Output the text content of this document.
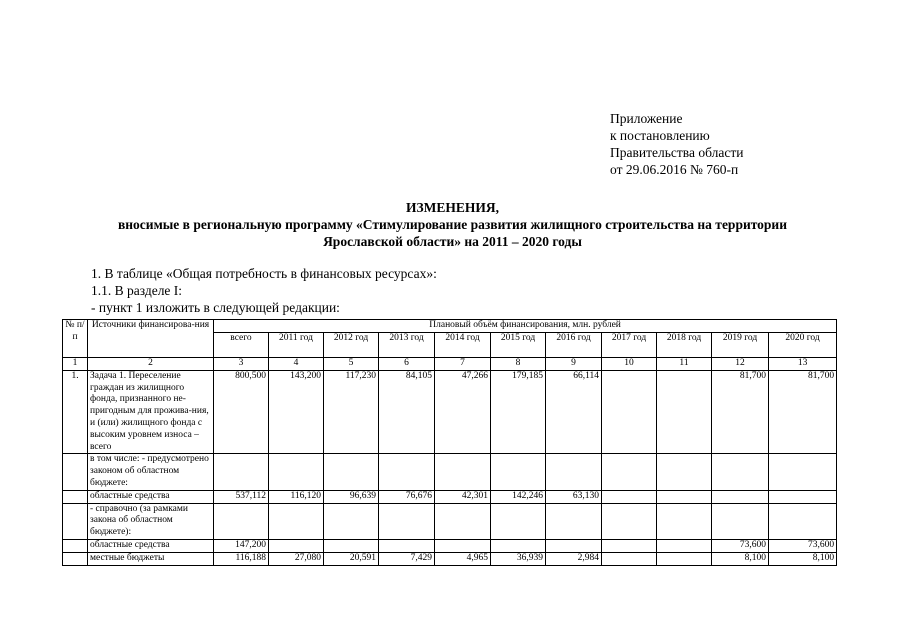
Приложение
к постановлению
Правительства области
от 29.06.2016 № 760-п
ИЗМЕНЕНИЯ,
вносимые в региональную программу «Стимулирование развития жилищного строительства на территории
Ярославской области» на 2011 – 2020 годы
1. В таблице «Общая потребность в финансовых ресурсах»:
1.1. В разделе I:
- пункт 1 изложить в следующей редакции:
№ п/п	Источники финансирова-ния	Плановый объём финансирования, млн. рублей										
		всего	2011 год	2012 год	2013 год	2014 год	2015 год	2016 год	2017 год	2018 год	2019 год	2020 год
1	2	3	4	5	6	7	8	9	10	11	12	13
1.	Задача 1. Переселение граждан из жилищного фонда, признанного не-пригодным для прожива-ния, и (или) жилищного фонда с высоким уровнем износа – всего	800,500	143,200	117,230	84,105	47,266	179,185	66,114			81,700	81,700
	в том числе: - предусмотрено законом об областном бюджете:											
	областные средства	537,112	116,120	96,639	76,676	42,301	142,246	63,130				
	- справочно (за рамками закона об областном бюджете):											
	областные средства	147,200									73,600	73,600
	местные бюджеты	116,188	27,080	20,591	7,429	4,965	36,939	2,984			8,100	8,100
